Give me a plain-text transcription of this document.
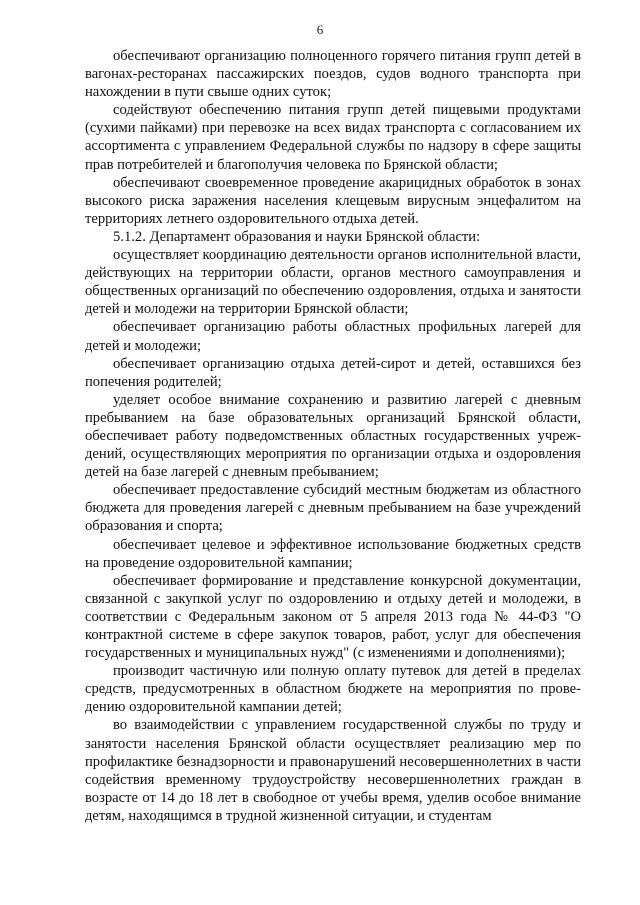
6

обеспечивают организацию полноценного горячего питания групп детей в вагонах-ресторанах пассажирских поездов, судов водного транспорта при нахождении в пути свыше одних суток;

содействуют обеспечению питания групп детей пищевыми продуктами (сухими пайками) при перевозке на всех видах транспорта с согласованием их ассортимента с управлением Федеральной службы по надзору в сфере защиты прав потребителей и благополучия человека по Брянской области;

обеспечивают своевременное проведение акарицидных обработок в зонах высокого риска заражения населения клещевым вирусным энцефалитом на территориях летнего оздоровительного отдыха детей.

5.1.2. Департамент образования и науки Брянской области:

осуществляет координацию деятельности органов исполнительной власти, действующих на территории области, органов местного самоуправления и общественных организаций по обеспечению оздоровления, отдыха и занятости детей и молодежи на территории Брянской области;

обеспечивает организацию работы областных профильных лагерей для детей и молодежи;

обеспечивает организацию отдыха детей-сирот и детей, оставшихся без попечения родителей;

уделяет особое внимание сохранению и развитию лагерей с дневным пребыванием на базе образовательных организаций Брянской области, обеспечивает работу подведомственных областных государственных учреждений, осуществляющих мероприятия по организации отдыха и оздоровления детей на базе лагерей с дневным пребыванием;

обеспечивает предоставление субсидий местным бюджетам из областного бюджета для проведения лагерей с дневным пребыванием на базе учреждений образования и спорта;

обеспечивает целевое и эффективное использование бюджетных средств на проведение оздоровительной кампании;

обеспечивает формирование и представление конкурсной документации, связанной с закупкой услуг по оздоровлению и отдыху детей и молодежи, в соответствии с Федеральным законом от 5 апреля 2013 года № 44-ФЗ "О контрактной системе в сфере закупок товаров, работ, услуг для обеспечения государственных и муниципальных нужд" (с изменениями и дополнениями);

производит частичную или полную оплату путевок для детей в пределах средств, предусмотренных в областном бюджете на мероприятия по проведению оздоровительной кампании детей;

во взаимодействии с управлением государственной службы по труду и занятости населения Брянской области осуществляет реализацию мер по профилактике безнадзорности и правонарушений несовершеннолетних в части содействия временному трудоустройству несовершеннолетних граждан в возрасте от 14 до 18 лет в свободное от учебы время, уделив особое внимание детям, находящимся в трудной жизненной ситуации, и студентам
